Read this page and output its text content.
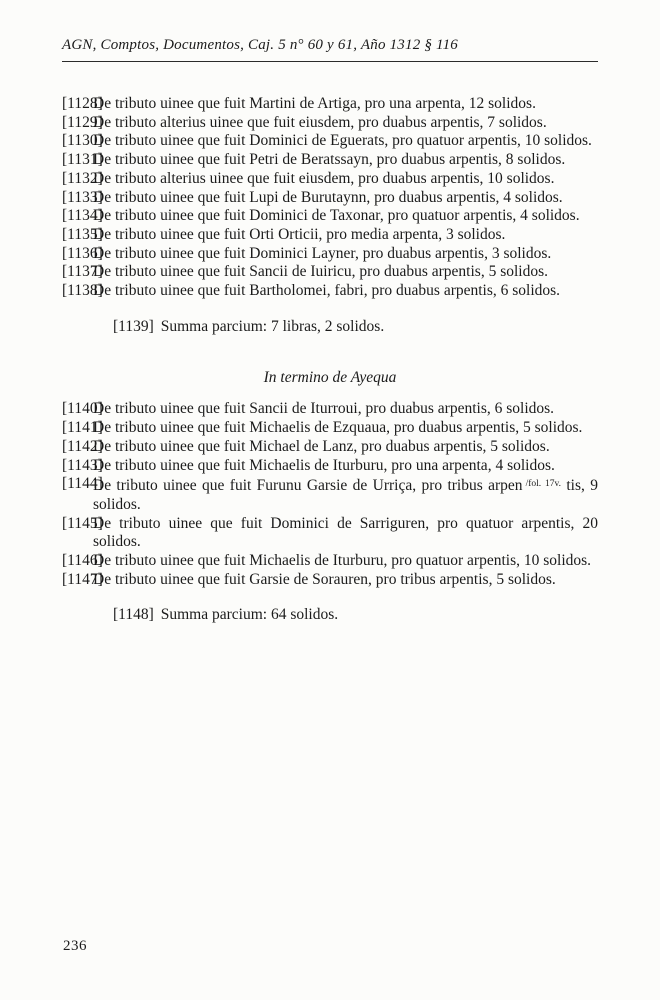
AGN, Comptos, Documentos, Caj. 5 n° 60 y 61, Año 1312 § 116
[1128]
De tributo uinee que fuit Martini de Artiga, pro una arpenta, 12 solidos.
[1129]
De tributo alterius uinee que fuit eiusdem, pro duabus arpentis, 7 solidos.
[1130]
De tributo uinee que fuit Dominici de Eguerats, pro quatuor arpentis, 10 solidos.
[1131]
De tributo uinee que fuit Petri de Beratssayn, pro duabus arpentis, 8 solidos.
[1132]
De tributo alterius uinee que fuit eiusdem, pro duabus arpentis, 10 solidos.
[1133]
De tributo uinee que fuit Lupi de Burutaynn, pro duabus arpentis, 4 solidos.
[1134]
De tributo uinee que fuit Dominici de Taxonar, pro quatuor arpentis, 4 solidos.
[1135]
De tributo uinee que fuit Orti Orticii, pro media arpenta, 3 solidos.
[1136]
De tributo uinee que fuit Dominici Layner, pro duabus arpentis, 3 solidos.
[1137]
De tributo uinee que fuit Sancii de Iuiricu, pro duabus arpentis, 5 solidos.
[1138]
De tributo uinee que fuit Bartholomei, fabri, pro duabus arpentis, 6 solidos.
[1139] Summa parcium: 7 libras, 2 solidos.
In termino de Ayequa
[1140]
De tributo uinee que fuit Sancii de Iturroui, pro duabus arpentis, 6 solidos.
[1141]
De tributo uinee que fuit Michaelis de Ezquaua, pro duabus arpentis, 5 solidos.
[1142]
De tributo uinee que fuit Michael de Lanz, pro duabus arpentis, 5 solidos.
[1143]
De tributo uinee que fuit Michaelis de Iturburu, pro una arpenta, 4 solidos.
[1144]
De tributo uinee que fuit Furunu Garsie de Urriça, pro tribus arpen $^{/fol. 17v.}$ tis, 9 solidos.
[1145]
De tributo uinee que fuit Dominici de Sarriguren, pro quatuor arpentis, 20 solidos.
[1146]
De tributo uinee que fuit Michaelis de Iturburu, pro quatuor arpentis, 10 solidos.
[1147]
De tributo uinee que fuit Garsie de Sorauren, pro tribus arpentis, 5 solidos.
[1148] Summa parcium: 64 solidos.
236
